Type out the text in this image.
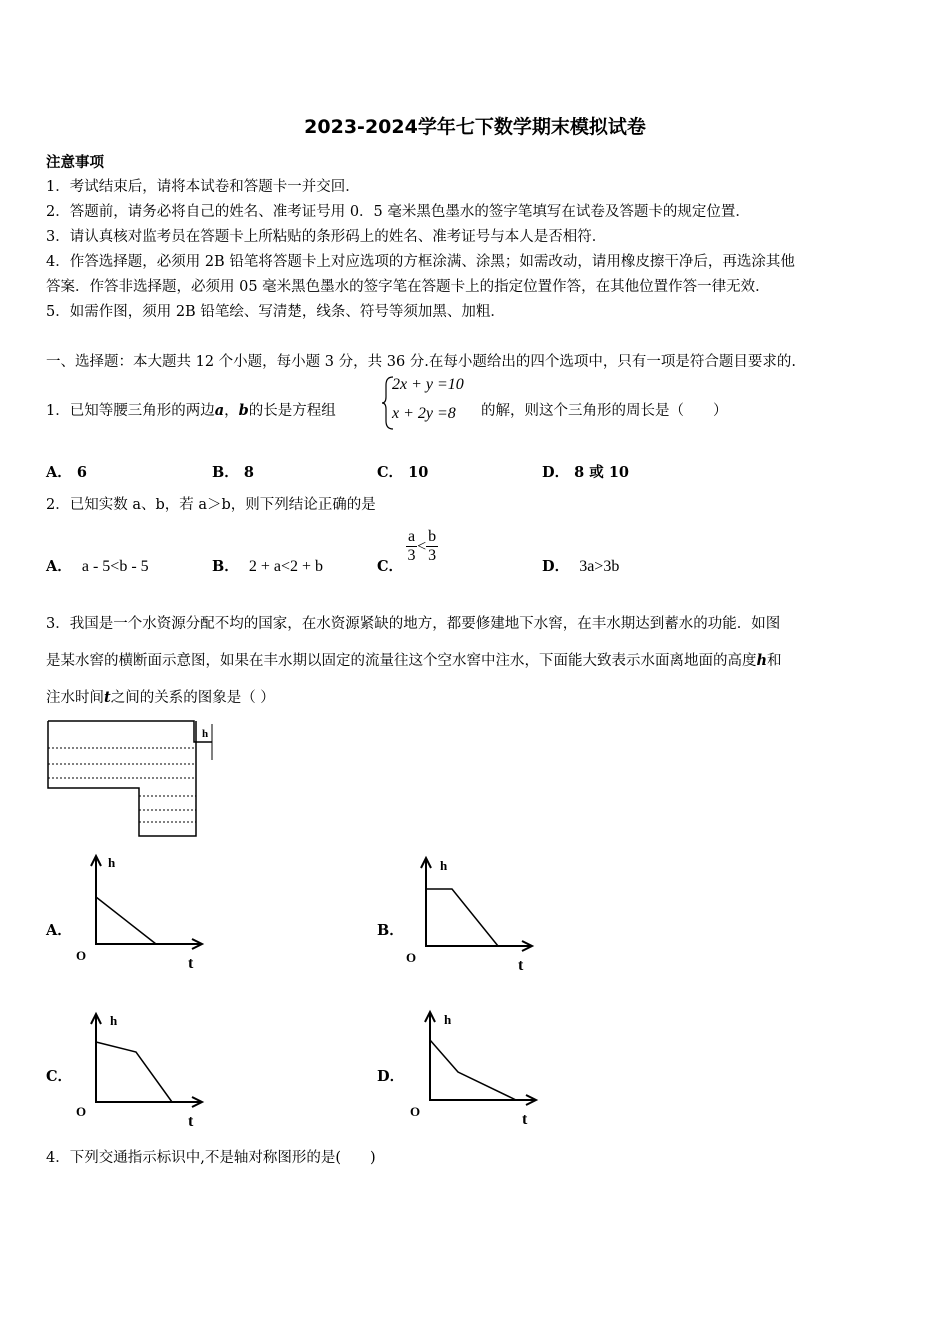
2023-2024学年七下数学期末模拟试卷
注意事项
1．考试结束后，请将本试卷和答题卡一并交回．
2．答题前，请务必将自己的姓名、准考证号用 0．5 毫米黑色墨水的签字笔填写在试卷及答题卡的规定位置．
3．请认真核对监考员在答题卡上所粘贴的条形码上的姓名、准考证号与本人是否相符．
4．作答选择题，必须用 2B 铅笔将答题卡上对应选项的方框涂满、涂黑；如需改动，请用橡皮擦干净后，再选涂其他
答案．作答非选择题，必须用 05 毫米黑色墨水的签字笔在答题卡上的指定位置作答，在其他位置作答一律无效．
5．如需作图，须用 2B 铅笔绘、写清楚，线条、符号等须加黑、加粗．
一、选择题：本大题共 12 个小题，每小题 3 分，共 36 分.在每小题给出的四个选项中，只有一项是符合题目要求的.
1．已知等腰三角形的两边a，b的长是方程组
2x + y =10
x + 2y =8 的解，则这个三角形的周长是（　　）
A． 6	B． 8	C． 10	D． 8 或 10
2．已知实数 a、b，若 a＞b，则下列结论正确的是
A． a - 5<b - 5	B． 2 + a<2 + b	C．
$\frac{a}{3} < \frac{b}{3}$
D． 3a>3b
3．我国是一个水资源分配不均的国家，在水资源紧缺的地方，都要修建地下水窖，在丰水期达到蓄水的功能．如图
是某水窖的横断面示意图，如果在丰水期以固定的流量往这个空水窖中注水，下面能大致表示水面离地面的高度h和
注水时间t之间的关系的图象是（ ）
h
A．
h
O	t
B．
h
O	t
C．
h
O
t
D．
h
O	t
4．下列交通指示标识中,不是轴对称图形的是(　　)
